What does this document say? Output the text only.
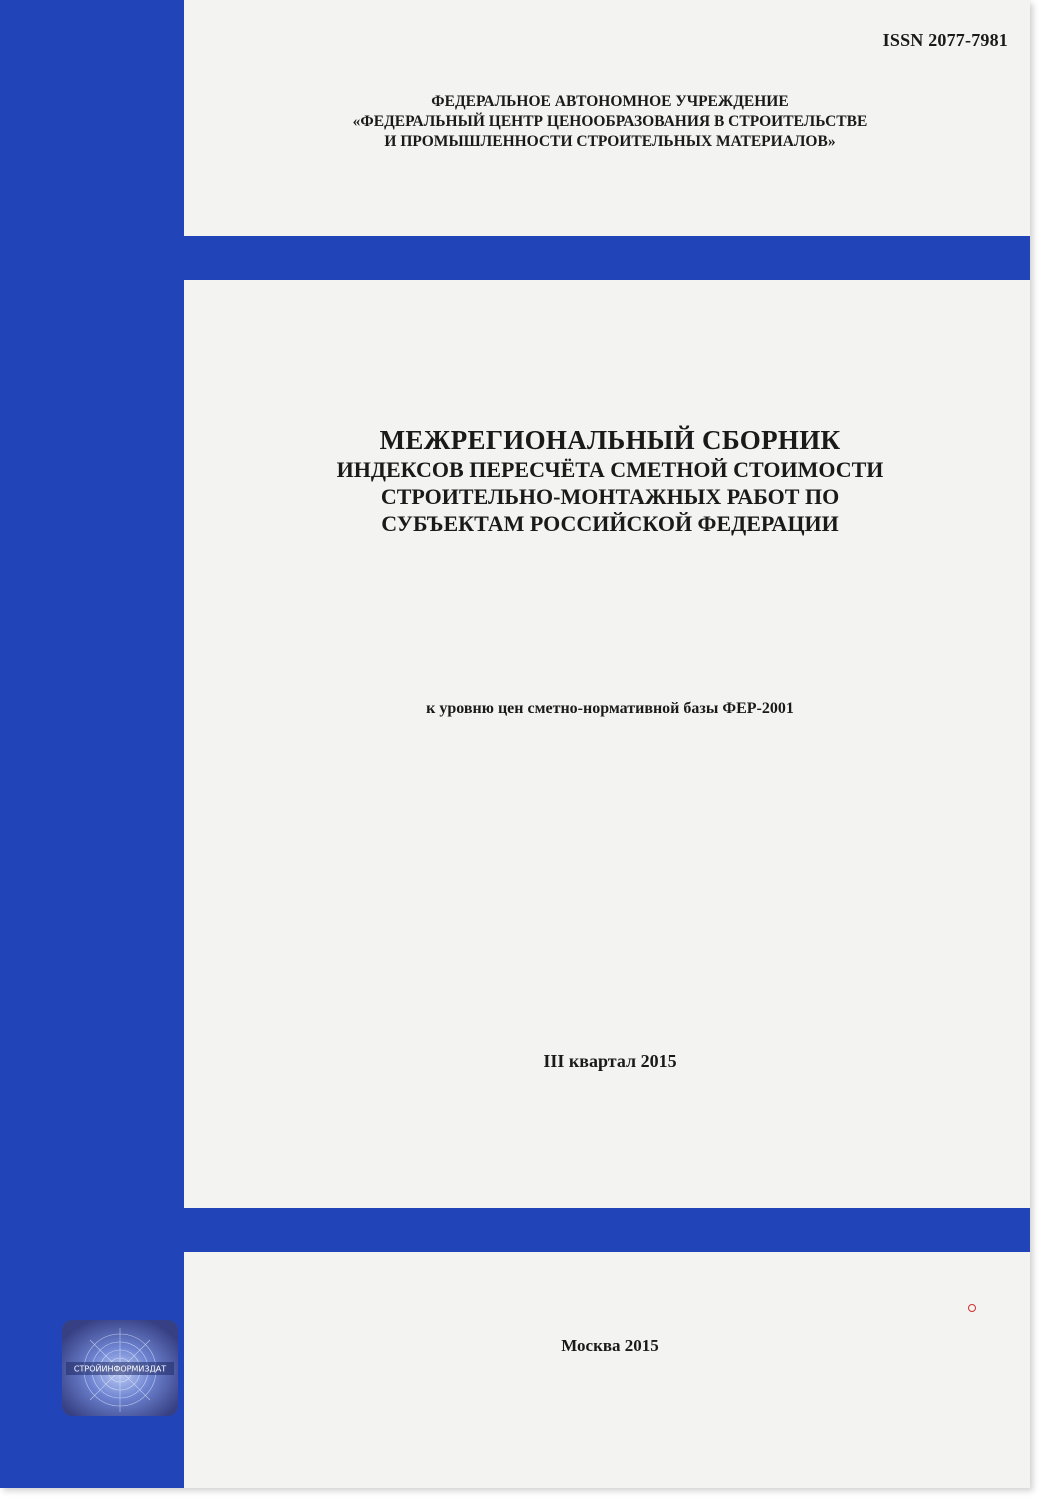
ISSN 2077-7981
ФЕДЕРАЛЬНОЕ АВТОНОМНОЕ УЧРЕЖДЕНИЕ
«ФЕДЕРАЛЬНЫЙ ЦЕНТР ЦЕНООБРАЗОВАНИЯ В СТРОИТЕЛЬСТВЕ
И ПРОМЫШЛЕННОСТИ СТРОИТЕЛЬНЫХ МАТЕРИАЛОВ»
МЕЖРЕГИОНАЛЬНЫЙ СБОРНИК
ИНДЕКСОВ ПЕРЕСЧЁТА СМЕТНОЙ СТОИМОСТИ
СТРОИТЕЛЬНО-МОНТАЖНЫХ РАБОТ ПО
СУБЪЕКТАМ РОССИЙСКОЙ ФЕДЕРАЦИИ
к уровню цен сметно-нормативной базы ФЕР-2001
III квартал 2015
СТРОЙИНФОРМИЗДАТ
Москва 2015
